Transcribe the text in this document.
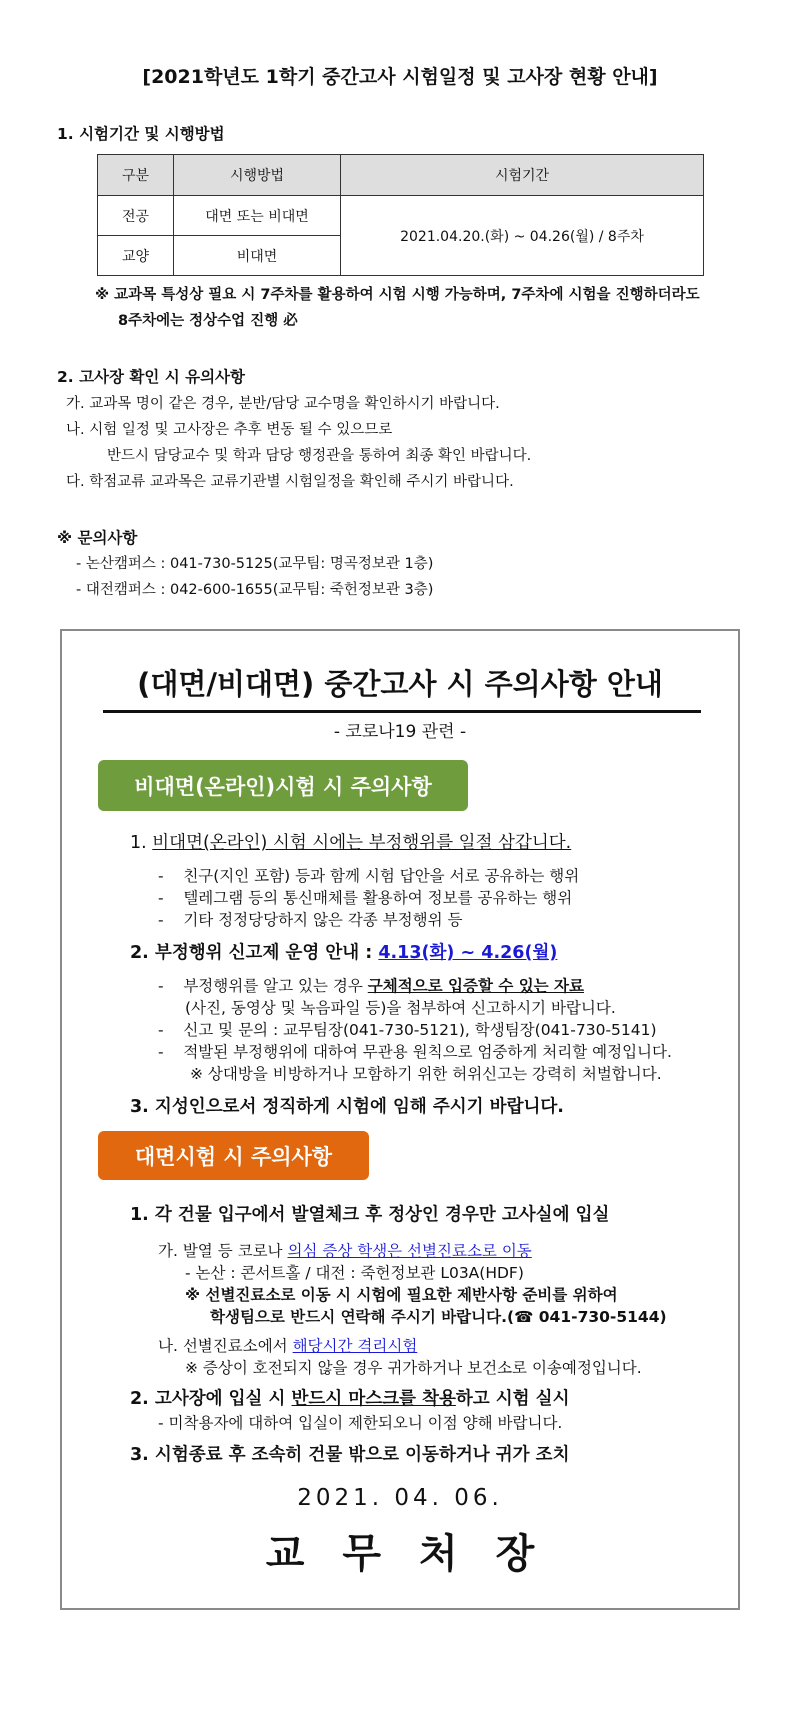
[2021학년도 1학기 중간고사 시험일정 및 고사장 현황 안내]
1. 시험기간 및 시행방법
구분	시행방법	시험기간
전공	대면 또는 비대면	2021.04.20.(화) ~ 04.26(월) / 8주차
교양	비대면	
※ 교과목 특성상 필요 시 7주차를 활용하여 시험 시행 가능하며, 7주차에 시험을 진행하더라도
8주차에는 정상수업 진행 必
2. 고사장 확인 시 유의사항
가. 교과목 명이 같은 경우, 분반/담당 교수명을 확인하시기 바랍니다.
나. 시험 일정 및 고사장은 추후 변동 될 수 있으므로
반드시 담당교수 및 학과 담당 행정관을 통하여 최종 확인 바랍니다.
다. 학점교류 교과목은 교류기관별 시험일정을 확인해 주시기 바랍니다.
※ 문의사항
- 논산캠퍼스 : 041-730-5125(교무팀: 명곡정보관 1층)
- 대전캠퍼스 : 042-600-1655(교무팀: 죽헌정보관 3층)
(대면/비대면) 중간고사 시 주의사항 안내
- 코로나19 관련 -
비대면(온라인)시험 시 주의사항
1. 비대면(온라인) 시험 시에는 부정행위를 일절 삼갑니다.
-    친구(지인 포함) 등과 함께 시험 답안을 서로 공유하는 행위
-    텔레그램 등의 통신매체를 활용하여 정보를 공유하는 행위
-    기타 정정당당하지 않은 각종 부정행위 등
2. 부정행위 신고제 운영 안내 : 4.13(화) ~ 4.26(월)
-    부정행위를 알고 있는 경우 구체적으로 입증할 수 있는 자료
(사진, 동영상 및 녹음파일 등)을 첨부하여 신고하시기 바랍니다.
-    신고 및 문의 : 교무팀장(041-730-5121), 학생팀장(041-730-5141)
-    적발된 부정행위에 대하여 무관용 원칙으로 엄중하게 처리할 예정입니다.
※ 상대방을 비방하거나 모함하기 위한 허위신고는 강력히 처벌합니다.
3. 지성인으로서 정직하게 시험에 임해 주시기 바랍니다.
대면시험 시 주의사항
1. 각 건물 입구에서 발열체크 후 정상인 경우만 고사실에 입실
가. 발열 등 코로나 의심 증상 학생은 선별진료소로 이동
- 논산 : 콘서트홀 / 대전 : 죽헌정보관 L03A(HDF)
※ 선별진료소로 이동 시 시험에 필요한 제반사항 준비를 위하여
학생팀으로 반드시 연락해 주시기 바랍니다.(☎ 041-730-5144)
나. 선별진료소에서 해당시간 격리시험
※ 증상이 호전되지 않을 경우 귀가하거나 보건소로 이송예정입니다.
2. 고사장에 입실 시 반드시 마스크를 착용하고 시험 실시
- 미착용자에 대하여 입실이 제한되오니 이점 양해 바랍니다.
3. 시험종료 후 조속히 건물 밖으로 이동하거나 귀가 조치
2021. 04. 06.
교무처장
